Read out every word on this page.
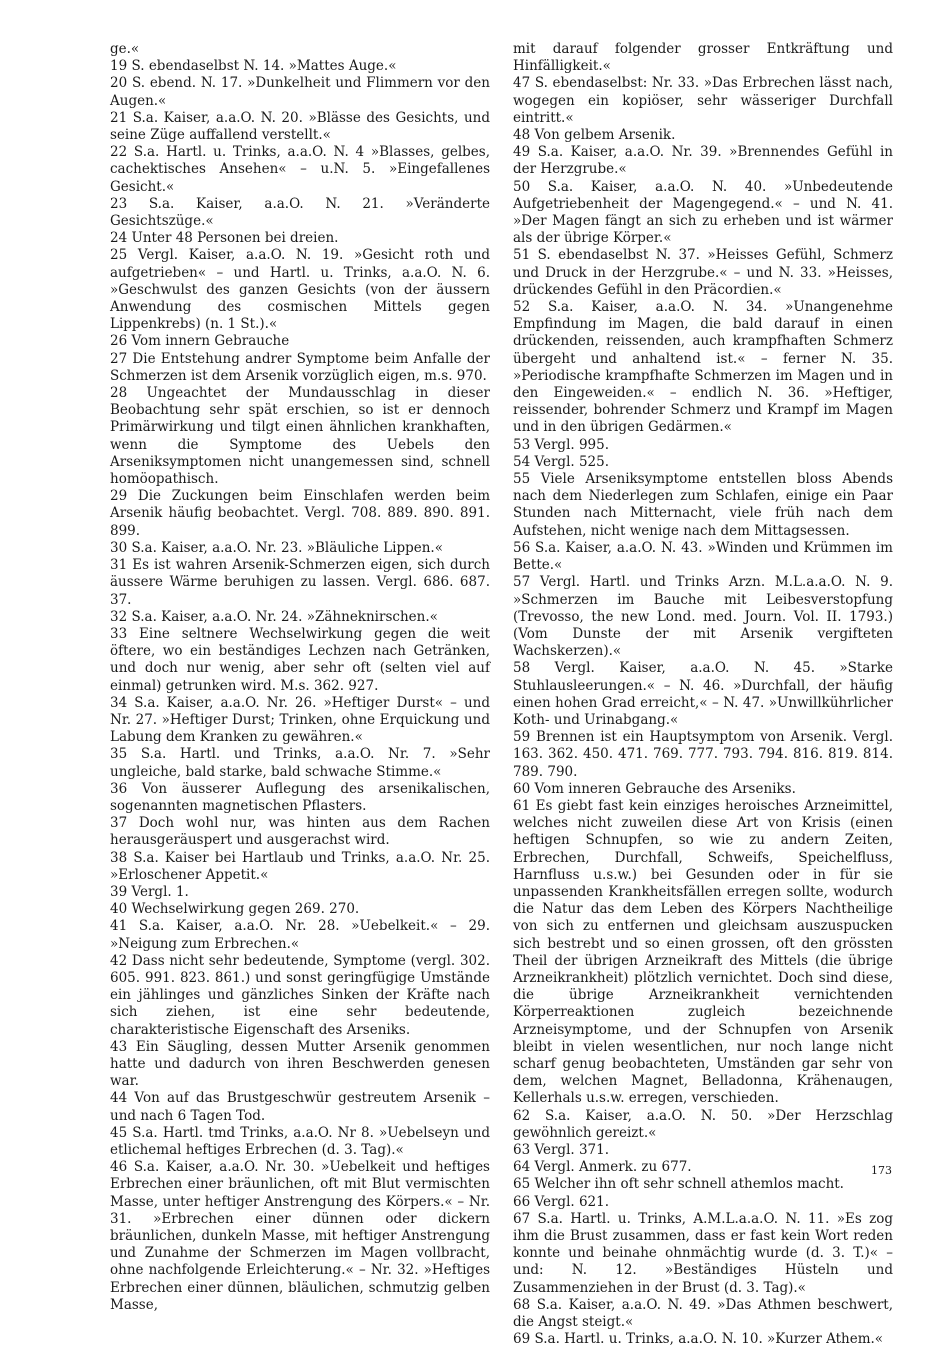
ge.«

19 S. ebendaselbst N. 14. »Mattes Auge.«

20 S. ebend. N. 17. »Dunkelheit und Flimmern vor den Augen.«

21 S.a. Kaiser, a.a.O. N. 20. »Blässe des Gesichts, und seine Züge auffallend verstellt.«

22 S.a. Hartl. u. Trinks, a.a.O. N. 4 »Blasses, gelbes, cachektisches Ansehen« – u.N. 5. »Eingefallenes Gesicht.«

23 S.a. Kaiser, a.a.O. N. 21. »Veränderte Gesichtszüge.«

24 Unter 48 Personen bei dreien.

25 Vergl. Kaiser, a.a.O. N. 19. »Gesicht roth und aufgetrieben« – und Hartl. u. Trinks, a.a.O. N. 6. »Geschwulst des ganzen Gesichts (von der äussern Anwendung des cosmischen Mittels gegen Lippenkrebs) (n. 1 St.).«

26 Vom innern Gebrauche

27 Die Entstehung andrer Symptome beim Anfalle der Schmerzen ist dem Arsenik vorzüglich eigen, m.s. 970.

28 Ungeachtet der Mundausschlag in dieser Beobachtung sehr spät erschien, so ist er dennoch Primärwirkung und tilgt einen ähnlichen krankhaften, wenn die Symptome des Uebels den Arseniksymptomen nicht unangemessen sind, schnell homöopathisch.

29 Die Zuckungen beim Einschlafen werden beim Arsenik häufig beobachtet. Vergl. 708. 889. 890. 891. 899.

30 S.a. Kaiser, a.a.O. Nr. 23. »Bläuliche Lippen.«

31 Es ist wahren Arsenik-Schmerzen eigen, sich durch äussere Wärme beruhigen zu lassen. Vergl. 686. 687. 37.

32 S.a. Kaiser, a.a.O. Nr. 24. »Zähneknirschen.«

33 Eine seltnere Wechselwirkung gegen die weit öftere, wo ein beständiges Lechzen nach Getränken, und doch nur wenig, aber sehr oft (selten viel auf einmal) getrunken wird. M.s. 362. 927.

34 S.a. Kaiser, a.a.O. Nr. 26. »Heftiger Durst« – und Nr. 27. »Heftiger Durst; Trinken, ohne Erquickung und Labung dem Kranken zu gewähren.«

35 S.a. Hartl. und Trinks, a.a.O. Nr. 7. »Sehr ungleiche, bald starke, bald schwache Stimme.«

36 Von äusserer Auflegung des arsenikalischen, sogenannten magnetischen Pflasters.

37 Doch wohl nur, was hinten aus dem Rachen herausgeräuspert und ausgerachst wird.

38 S.a. Kaiser bei Hartlaub und Trinks, a.a.O. Nr. 25. »Erloschener Appetit.«

39 Vergl. 1.

40 Wechselwirkung gegen 269. 270.

41 S.a. Kaiser, a.a.O. Nr. 28. »Uebelkeit.« – 29. »Neigung zum Erbrechen.«

42 Dass nicht sehr bedeutende, Symptome (vergl. 302. 605. 991. 823. 861.) und sonst geringfügige Umstände ein jählinges und gänzliches Sinken der Kräfte nach sich ziehen, ist eine sehr bedeutende, charakteristische Eigenschaft des Arseniks.

43 Ein Säugling, dessen Mutter Arsenik genommen hatte und dadurch von ihren Beschwerden genesen war.

44 Von auf das Brustgeschwür gestreutem Arsenik – und nach 6 Tagen Tod.

45 S.a. Hartl. tmd Trinks, a.a.O. Nr 8. »Uebelseyn und etlichemal heftiges Erbrechen (d. 3. Tag).«

46 S.a. Kaiser, a.a.O. Nr. 30. »Uebelkeit und heftiges Erbrechen einer bräunlichen, oft mit Blut vermischten Masse, unter heftiger Anstrengung des Körpers.« – Nr. 31. »Erbrechen einer dünnen oder dickern bräunlichen, dunkeln Masse, mit heftiger Anstrengung und Zunahme der Schmerzen im Magen vollbracht, ohne nachfolgende Erleichterung.« – Nr. 32. »Heftiges Erbrechen einer dünnen, bläulichen, schmutzig gelben Masse,

mit darauf folgender grosser Entkräftung und Hinfälligkeit.«

47 S. ebendaselbst: Nr. 33. »Das Erbrechen lässt nach, wogegen ein kopiöser, sehr wässeriger Durchfall eintritt.«

48 Von gelbem Arsenik.

49 S.a. Kaiser, a.a.O. Nr. 39. »Brennendes Gefühl in der Herzgrube.«

50 S.a. Kaiser, a.a.O. N. 40. »Unbedeutende Aufgetriebenheit der Magengegend.« – und N. 41. »Der Magen fängt an sich zu erheben und ist wärmer als der übrige Körper.«

51 S. ebendaselbst N. 37. »Heisses Gefühl, Schmerz und Druck in der Herzgrube.« – und N. 33. »Heisses, drückendes Gefühl in den Präcordien.«

52 S.a. Kaiser, a.a.O. N. 34. »Unangenehme Empfindung im Magen, die bald darauf in einen drückenden, reissenden, auch krampfhaften Schmerz übergeht und anhaltend ist.« – ferner N. 35. »Periodische krampfhafte Schmerzen im Magen und in den Eingeweiden.« – endlich N. 36. »Heftiger, reissender, bohrender Schmerz und Krampf im Magen und in den übrigen Gedärmen.«

53 Vergl. 995.

54 Vergl. 525.

55 Viele Arseniksymptome entstellen bloss Abends nach dem Niederlegen zum Schlafen, einige ein Paar Stunden nach Mitternacht, viele früh nach dem Aufstehen, nicht wenige nach dem Mittagsessen.

56 S.a. Kaiser, a.a.O. N. 43. »Winden und Krümmen im Bette.«

57 Vergl. Hartl. und Trinks Arzn. M.L.a.a.O. N. 9. »Schmerzen im Bauche mit Leibesverstopfung (Trevosso, the new Lond. med. Journ. Vol. II. 1793.) (Vom Dunste der mit Arsenik vergifteten Wachskerzen).«

58 Vergl. Kaiser, a.a.O. N. 45. »Starke Stuhlausleerungen.« – N. 46. »Durchfall, der häufig einen hohen Grad erreicht,« – N. 47. »Unwillkührlicher Koth- und Urinabgang.«

59 Brennen ist ein Hauptsymptom von Arsenik. Vergl. 163. 362. 450. 471. 769. 777. 793. 794. 816. 819. 814. 789. 790.

60 Vom inneren Gebrauche des Arseniks.

61 Es giebt fast kein einziges heroisches Arzneimittel, welches nicht zuweilen diese Art von Krisis (einen heftigen Schnupfen, so wie zu andern Zeiten, Erbrechen, Durchfall, Schweifs, Speichelfluss, Harnfluss u.s.w.) bei Gesunden oder in für sie unpassenden Krankheitsfällen erregen sollte, wodurch die Natur das dem Leben des Körpers Nachtheilige von sich zu entfernen und gleichsam auszuspucken sich bestrebt und so einen grossen, oft den grössten Theil der übrigen Arzneikraft des Mittels (die übrige Arzneikrankheit) plötzlich vernichtet. Doch sind diese, die übrige Arzneikrankheit vernichtenden Körperreaktionen zugleich bezeichnende Arzneisymptome, und der Schnupfen von Arsenik bleibt in vielen wesentlichen, nur noch lange nicht scharf genug beobachteten, Umständen gar sehr von dem, welchen Magnet, Belladonna, Krähenaugen, Kellerhals u.s.w. erregen, verschieden.

62 S.a. Kaiser, a.a.O. N. 50. »Der Herzschlag gewöhnlich gereizt.«

63 Vergl. 371.

64 Vergl. Anmerk. zu 677.

65 Welcher ihn oft sehr schnell athemlos macht.

66 Vergl. 621.

67 S.a. Hartl. u. Trinks, A.M.L.a.a.O. N. 11. »Es zog ihm die Brust zusammen, dass er fast kein Wort reden konnte und beinahe ohnmächtig wurde (d. 3. T.)« – und: N. 12. »Beständiges Hüsteln und Zusammenziehen in der Brust (d. 3. Tag).«

68 S.a. Kaiser, a.a.O. N. 49. »Das Athmen beschwert, die Angst steigt.«

69 S.a. Hartl. u. Trinks, a.a.O. N. 10. »Kurzer Athem.«

173
